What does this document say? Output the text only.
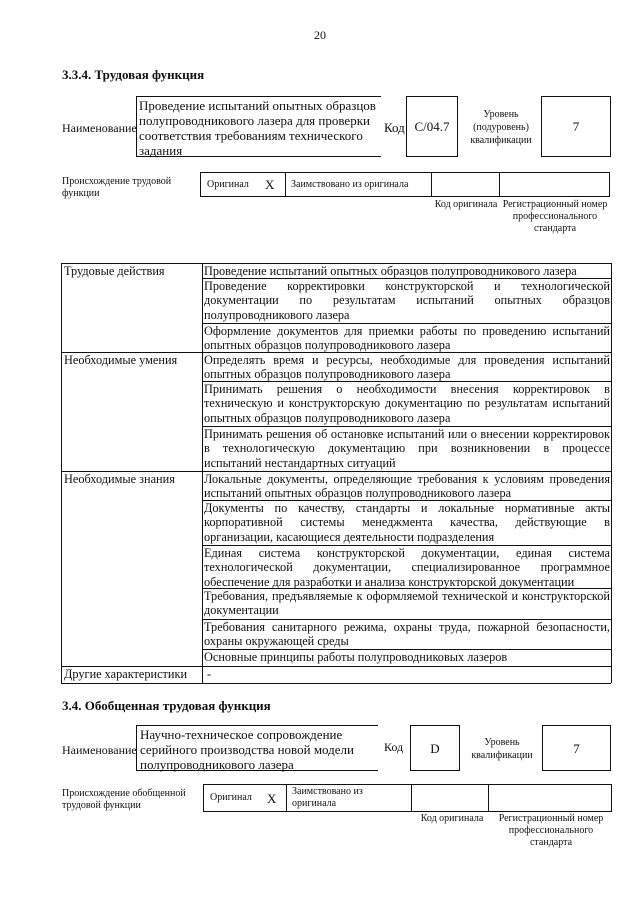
20
3.3.4. Трудовая функция
Наименование
Проведение испытаний опытных образцов полупроводникового лазера для проверки соответствия требованиям технического задания
Код C/04.7
Уровень (подуровень) квалификации
7
Происхождение трудовой функции
Оригинал X Заимствовано из оригинала
Код оригинала Регистрационный номер профессионального стандарта
Трудовые действия	Проведение испытаний опытных образцов полупроводникового лазера
Проведение корректировки конструкторской и технологической документации по результатам испытаний опытных образцов полупроводникового лазера
Оформление документов для приемки работы по проведению испытаний опытных образцов полупроводникового лазера
Необходимые умения	Определять время и ресурсы, необходимые для проведения испытаний опытных образцов полупроводникового лазера
Принимать решения о необходимости внесения корректировок в техническую и конструкторскую документацию по результатам испытаний опытных образцов полупроводникового лазера
Принимать решения об остановке испытаний или о внесении корректировок в технологическую документацию при возникновении в процессе испытаний нестандартных ситуаций
Необходимые знания	Локальные документы, определяющие требования к условиям проведения испытаний опытных образцов полупроводникового лазера
Документы по качеству, стандарты и локальные нормативные акты корпоративной системы менеджмента качества, действующие в организации, касающиеся деятельности подразделения
Единая система конструкторской документации, единая система технологической документации, специализированное программное обеспечение для разработки и анализа конструкторской документации
Требования, предъявляемые к оформляемой технической и конструкторской документации
Требования санитарного режима, охраны труда, пожарной безопасности, охраны окружающей среды
Основные принципы работы полупроводниковых лазеров
Другие характеристики	-
3.4. Обобщенная трудовая функция
Наименование
Научно-техническое сопровождение серийного производства новой модели полупроводникового лазера
Код D	Уровень квалификации	7
Происхождение обобщенной трудовой функции
Оригинал X Заимствовано из оригинала
Код оригинала	Регистрационный номер профессионального стандарта
